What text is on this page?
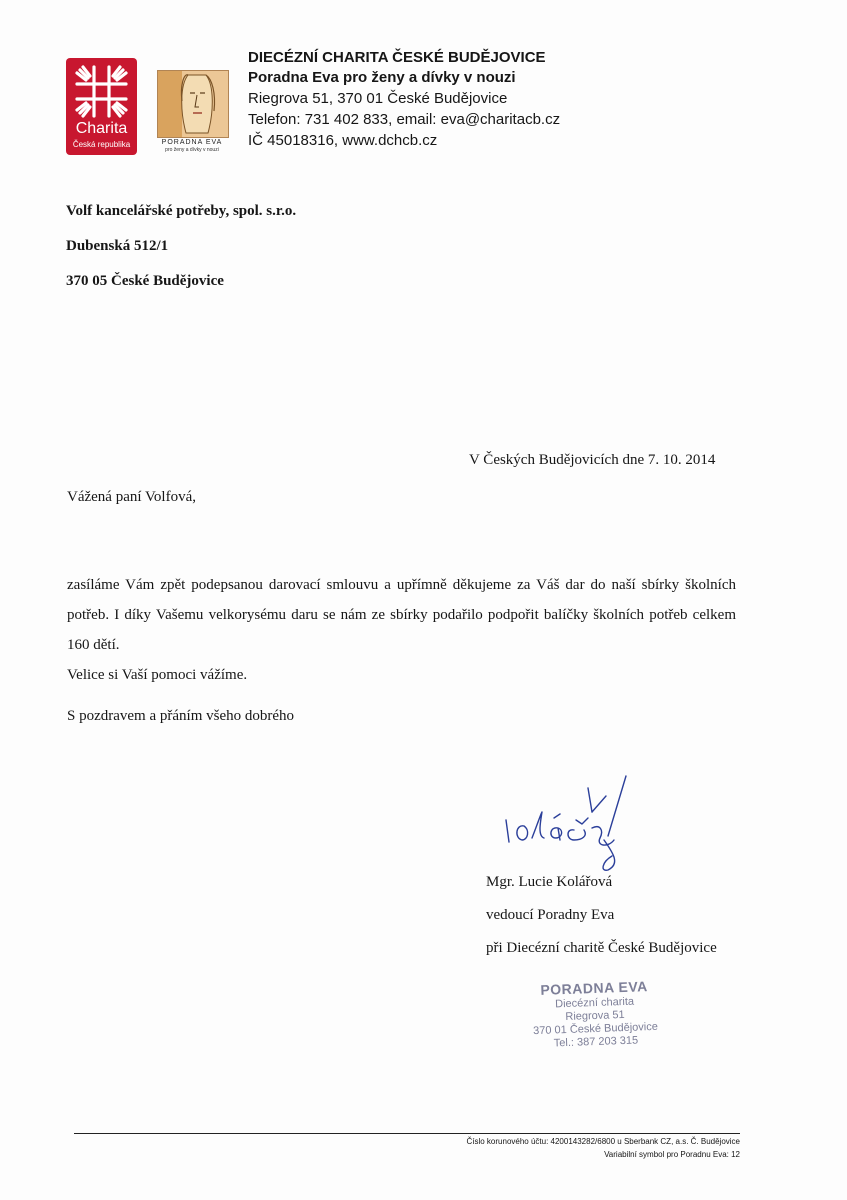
Charita
Česká republika	PORADNA EVA
pro ženy a dívky v nouzi
DIECÉZNÍ CHARITA ČESKÉ BUDĚJOVICE
Poradna Eva pro ženy a dívky v nouzi
Riegrova 51, 370 01 České Budějovice
Telefon: 731 402 833, email: eva@charitacb.cz
IČ 45018316, www.dchcb.cz
Volf kancelářské potřeby, spol. s.r.o.
Dubenská 512/1
370 05 České Budějovice
V Českých Budějovicích dne 7. 10. 2014
Vážená paní Volfová,
zasíláme Vám zpět podepsanou darovací smlouvu a upřímně děkujeme za Váš dar do naší sbírky školních potřeb. I díky Vašemu velkorysému daru se nám ze sbírky podařilo podpořit balíčky školních potřeb celkem 160 dětí.
Velice si Vaší pomoci vážíme.
S pozdravem a přáním všeho dobrého
Mgr. Lucie Kolářová
vedoucí Poradny Eva
při Diecézní charitě České Budějovice
PORADNA EVA
Diecézní charita
Riegrova 51
370 01 České Budějovice
Tel.: 387 203 315
Číslo korunového účtu: 4200143282/6800 u Sberbank CZ, a.s. Č. Budějovice
Variabilní symbol pro Poradnu Eva: 12
